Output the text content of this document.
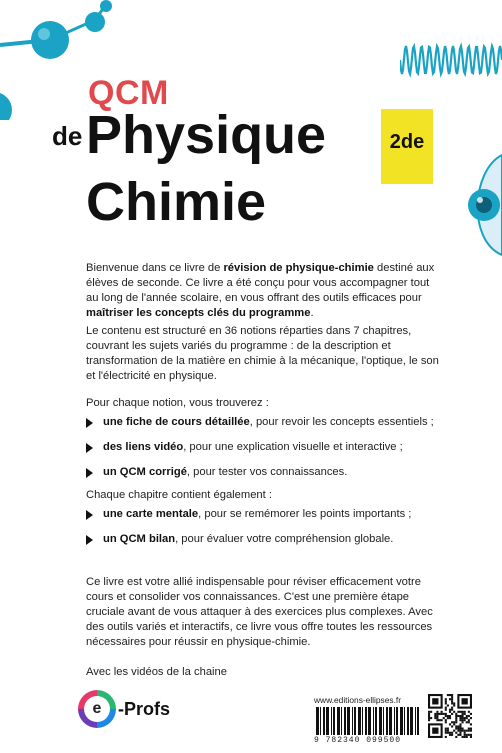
QCM
de Physique
Chimie
2de
Bienvenue dans ce livre de révision de physique-chimie destiné aux élèves de seconde. Ce livre a été conçu pour vous accompagner tout au long de l'année scolaire, en vous offrant des outils efficaces pour maîtriser les concepts clés du programme.
Le contenu est structuré en 36 notions réparties dans 7 chapitres, couvrant les sujets variés du programme : de la description et transformation de la matière en chimie à la mécanique, l'optique, le son et l'électricité en physique.
Pour chaque notion, vous trouverez :
une fiche de cours détaillée, pour revoir les concepts essentiels ;
des liens vidéo, pour une explication visuelle et interactive ;
un QCM corrigé, pour tester vos connaissances.
Chaque chapitre contient également :
une carte mentale, pour se remémorer les points importants ;
un QCM bilan, pour évaluer votre compréhension globale.
Ce livre est votre allié indispensable pour réviser efficacement votre cours et consolider vos connaissances. C'est une première étape cruciale avant de vous attaquer à des exercices plus complexes. Avec des outils variés et interactifs, ce livre vous offre toutes les ressources nécessaires pour réussir en physique-chimie.
Avec les vidéos de la chaine
e -Profs	www.editions-ellipses.fr
9 782340 099500
